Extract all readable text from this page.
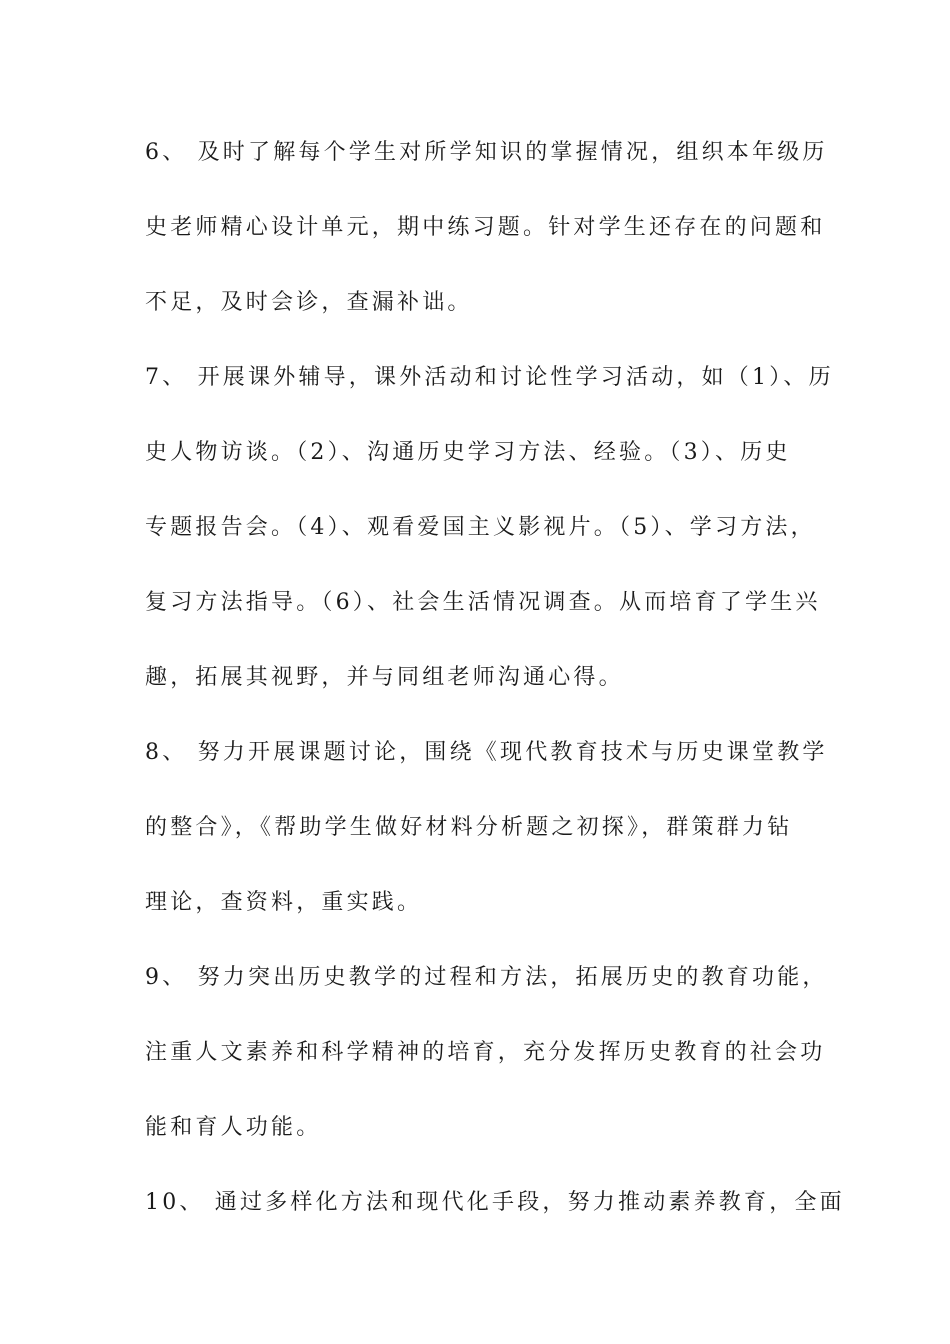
6、 及时了解每个学生对所学知识的掌握情况，组织本年级历
史老师精心设计单元，期中练习题。针对学生还存在的问题和
不足，及时会诊，查漏补诎。
7、 开展课外辅导，课外活动和讨论性学习活动，如（1）、历
史人物访谈。（2）、沟通历史学习方法、经验。（3）、历史
专题报告会。（4）、观看爱国主义影视片。（5）、学习方法，
复习方法指导。（6）、社会生活情况调查。从而培育了学生兴
趣，拓展其视野，并与同组老师沟通心得。
8、 努力开展课题讨论，围绕《现代教育技术与历史课堂教学
的整合》，《帮助学生做好材料分析题之初探》，群策群力钻
理论，查资料，重实践。
9、 努力突出历史教学的过程和方法，拓展历史的教育功能，
注重人文素养和科学精神的培育，充分发挥历史教育的社会功
能和育人功能。
10、 通过多样化方法和现代化手段，努力推动素养教育，全面
